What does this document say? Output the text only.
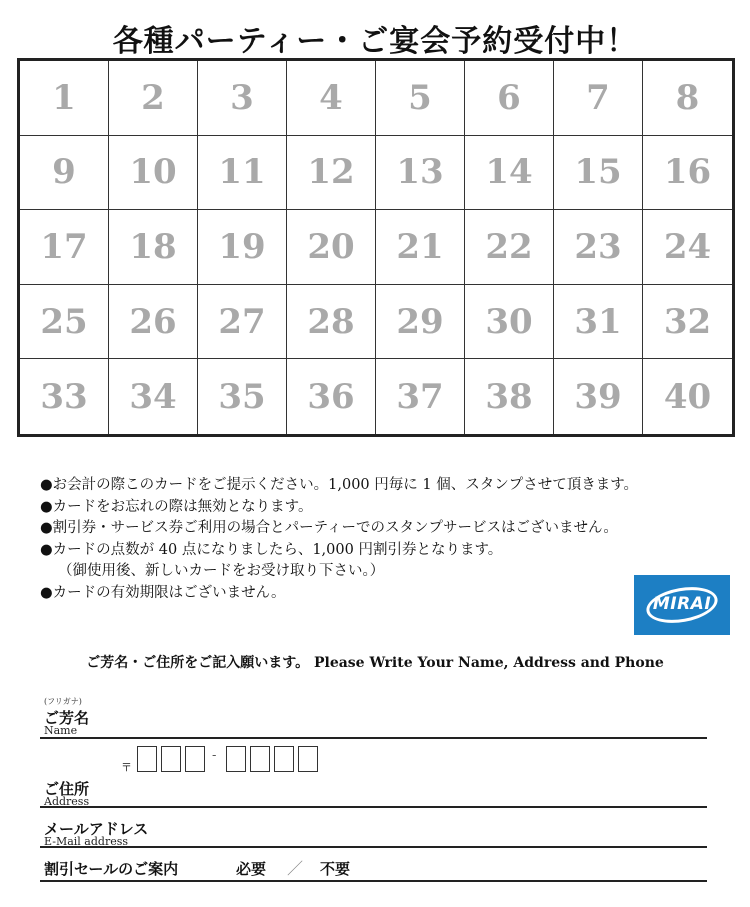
各種パーティー・ご宴会予約受付中！
1	2	3	4	5	6	7	8
9	10	11	12	13	14	15	16
17	18	19	20	21	22	23	24
25	26	27	28	29	30	31	32
33	34	35	36	37	38	39	40
●お会計の際このカードをご提示ください。1,000 円毎に 1 個、スタンプさせて頂きます。
●カードをお忘れの際は無効となります。
●割引券・サービス券ご利用の場合とパーティーでのスタンプサービスはございません。
●カードの点数が 40 点になりましたら、1,000 円割引券となります。
（御使用後、新しいカードをお受け取り下さい。）
●カードの有効期限はございません。
MIRAI
ご芳名・ご住所をご記入願います。 Please Write Your Name, Address and Phone
(フリガナ)
ご芳名
Name
〒
-
ご住所
Address
メールアドレス
E-Mail address
割引セールのご案内	必要 ／ 不要
